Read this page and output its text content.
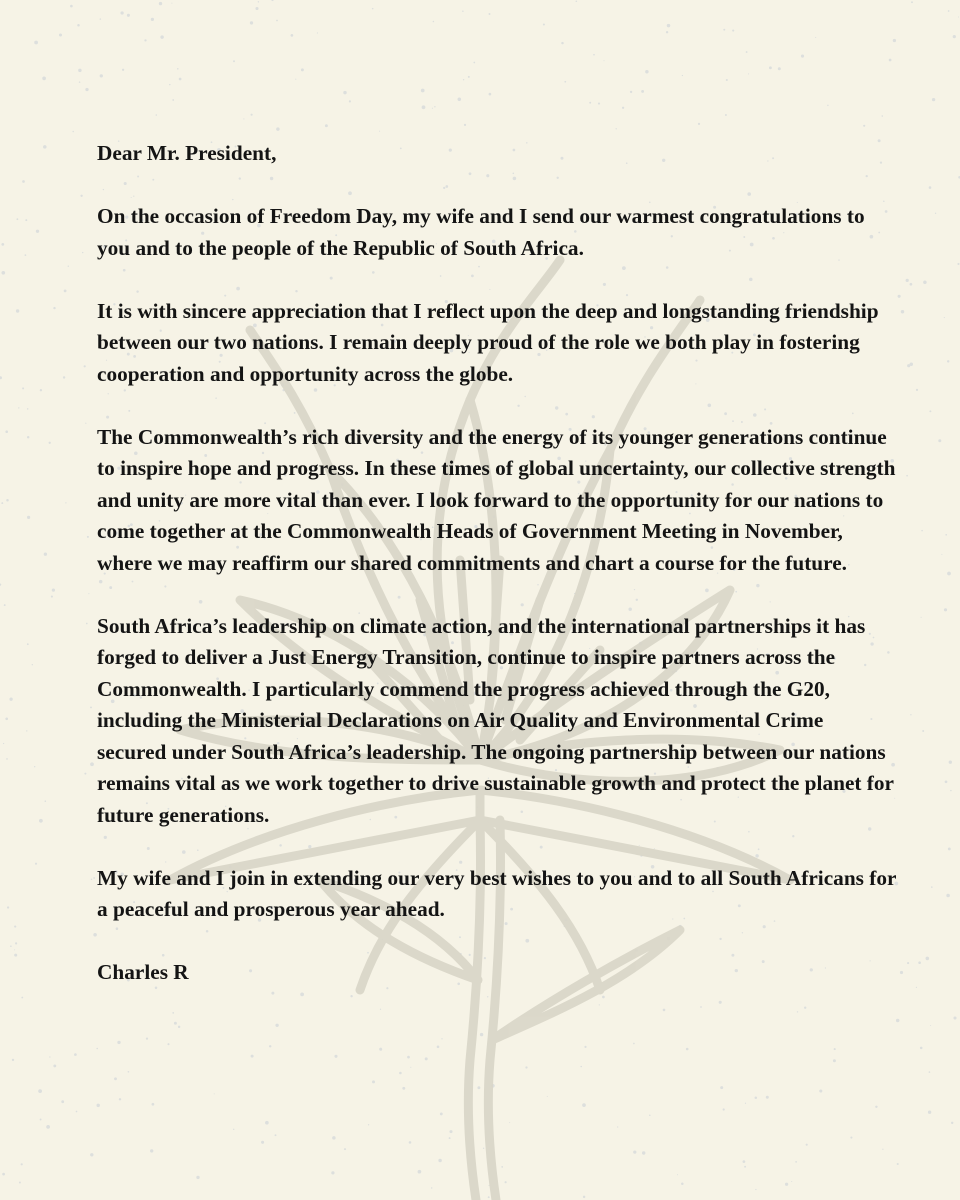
Dear Mr. President,

On the occasion of Freedom Day, my wife and I send our warmest congratulations to you and to the people of the Republic of South Africa.

It is with sincere appreciation that I reflect upon the deep and longstanding friendship between our two nations. I remain deeply proud of the role we both play in fostering cooperation and opportunity across the globe.

The Commonwealth’s rich diversity and the energy of its younger generations continue to inspire hope and progress. In these times of global uncertainty, our collective strength and unity are more vital than ever. I look forward to the opportunity for our nations to come together at the Commonwealth Heads of Government Meeting in November, where we may reaffirm our shared commitments and chart a course for the future.

South Africa’s leadership on climate action, and the international partnerships it has forged to deliver a Just Energy Transition, continue to inspire partners across the Commonwealth. I particularly commend the progress achieved through the G20, including the Ministerial Declarations on Air Quality and Environmental Crime secured under South Africa’s leadership. The ongoing partnership between our nations remains vital as we work together to drive sustainable growth and protect the planet for future generations.

My wife and I join in extending our very best wishes to you and to all South Africans for a peaceful and prosperous year ahead.

Charles R
